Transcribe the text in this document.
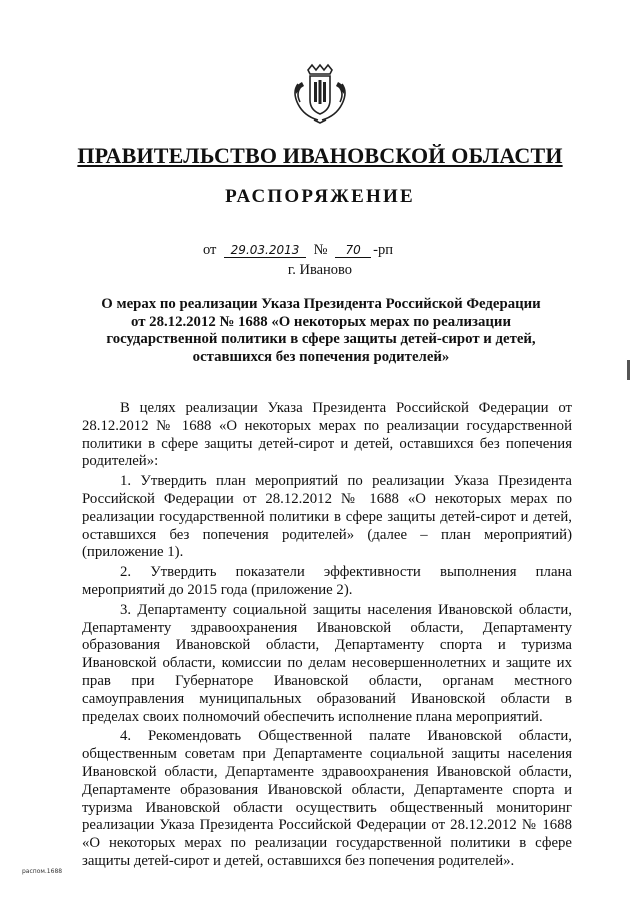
ПРАВИТЕЛЬСТВО ИВАНОВСКОЙ ОБЛАСТИ
РАСПОРЯЖЕНИЕ
от 29.03.2013 № 70 -рп
г. Иваново
О мерах по реализации Указа Президента Российской Федерации
от 28.12.2012 № 1688 «О некоторых мерах по реализации
государственной политики в сфере защиты детей-сирот и детей,
оставшихся без попечения родителей»

В целях реализации Указа Президента Российской Федерации от 28.12.2012 № 1688 «О некоторых мерах по реализации государственной политики в сфере защиты детей-сирот и детей, оставшихся без попечения родителей»:

1. Утвердить план мероприятий по реализации Указа Президента Российской Федерации от 28.12.2012 № 1688 «О некоторых мерах по реализации государственной политики в сфере защиты детей-сирот и детей, оставшихся без попечения родителей» (далее – план мероприятий) (приложение 1).

2. Утвердить показатели эффективности выполнения плана мероприятий до 2015 года (приложение 2).

3. Департаменту социальной защиты населения Ивановской области, Департаменту здравоохранения Ивановской области, Департаменту образования Ивановской области, Департаменту спорта и туризма Ивановской области, комиссии по делам несовершеннолетних и защите их прав при Губернаторе Ивановской области, органам местного самоуправления муниципальных образований Ивановской области в пределах своих полномочий обеспечить исполнение плана мероприятий.

4. Рекомендовать Общественной палате Ивановской области, общественным советам при Департаменте социальной защиты населения Ивановской области, Департаменте здравоохранения Ивановской области, Департаменте образования Ивановской области, Департаменте спорта и туризма Ивановской области осуществить общественный мониторинг реализации Указа Президента Российской Федерации от 28.12.2012 № 1688 «О некоторых мерах по реализации государственной политики в сфере защиты детей-сирот и детей, оставшихся без попечения родителей».

распом.1688
